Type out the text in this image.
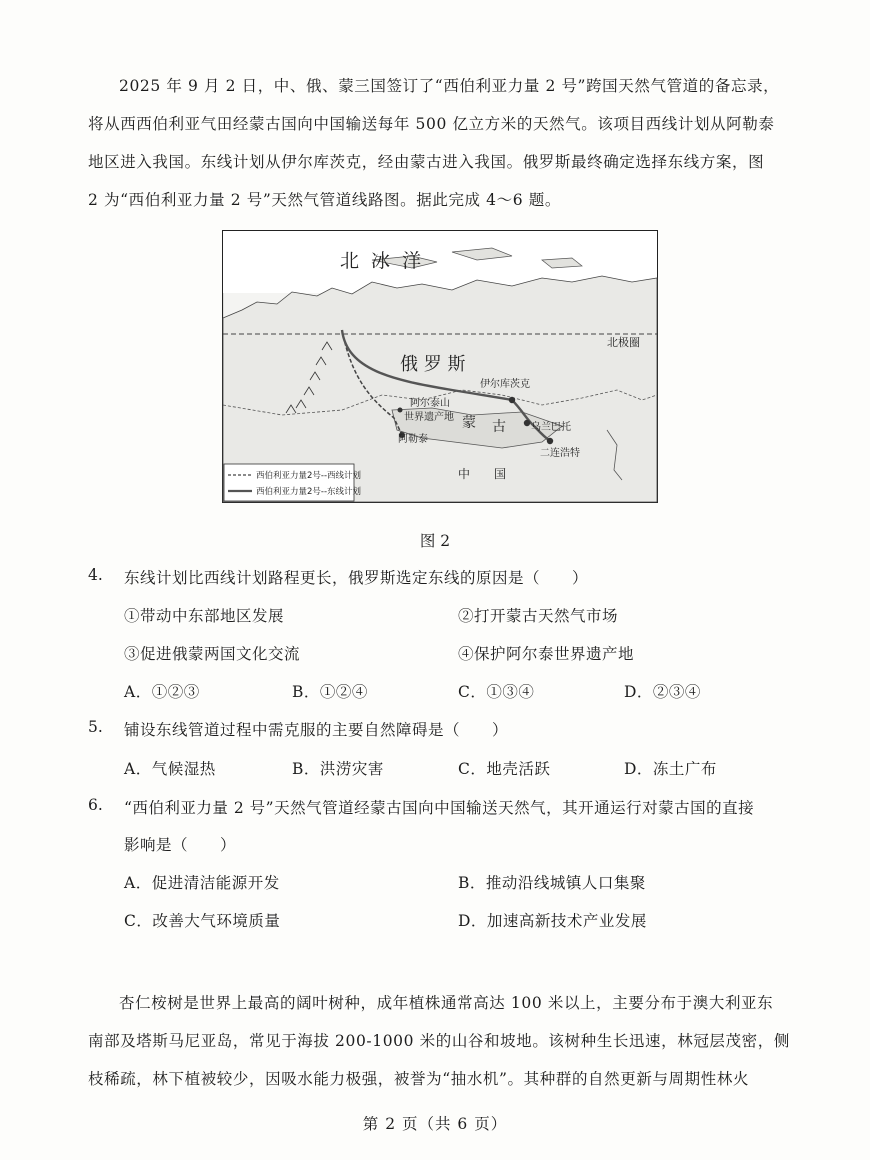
2025 年 9 月 2 日，中、俄、蒙三国签订了“西伯利亚力量 2 号”跨国天然气管道的备忘录，
将从西西伯利亚气田经蒙古国向中国输送每年 500 亿立方米的天然气。该项目西线计划从阿勒泰
地区进入我国。东线计划从伊尔库茨克，经由蒙古进入我国。俄罗斯最终确定选择东线方案，图
2 为“西伯利亚力量 2 号”天然气管道线路图。据此完成 4～6 题。
北 冰 洋
北极圈
俄 罗 斯
伊尔库茨克
阿尔泰山
世界遗产地
乌兰巴托
蒙 古
阿勒泰
二连浩特
中　　国
西伯利亚力量2号--西线计划
西伯利亚力量2号--东线计划
图 2
4. 东线计划比西线计划路程更长，俄罗斯选定东线的原因是（　　）
①带动中东部地区发展	②打开蒙古天然气市场
③促进俄蒙两国文化交流	④保护阿尔泰世界遗产地
A．①②③	B．①②④	C．①③④	D．②③④
5. 铺设东线管道过程中需克服的主要自然障碍是（　　）
A．气候湿热	B．洪涝灾害	C．地壳活跃	D．冻土广布
6. “西伯利亚力量 2 号”天然气管道经蒙古国向中国输送天然气，其开通运行对蒙古国的直接
影响是（　　）
A．促进清洁能源开发	B．推动沿线城镇人口集聚
C．改善大气环境质量	D．加速高新技术产业发展
杏仁桉树是世界上最高的阔叶树种，成年植株通常高达 100 米以上，主要分布于澳大利亚东
南部及塔斯马尼亚岛，常见于海拔 200-1000 米的山谷和坡地。该树种生长迅速，林冠层茂密，侧
枝稀疏，林下植被较少，因吸水能力极强，被誉为“抽水机”。其种群的自然更新与周期性林火
第 2 页（共 6 页）
